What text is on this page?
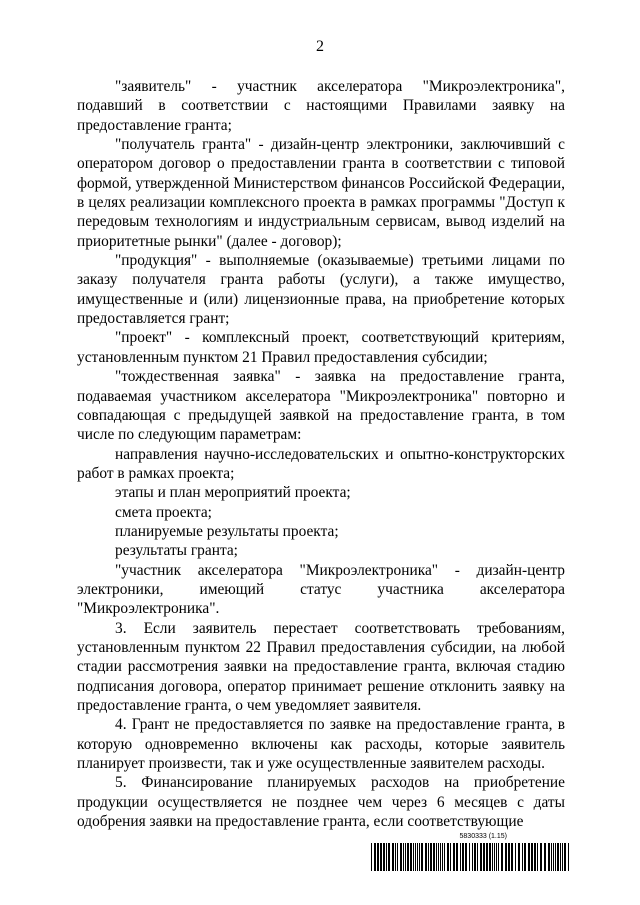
2

"заявитель" - участник акселератора "Микроэлектроника", подавший в соответствии с настоящими Правилами заявку на предоставление гранта;

"получатель гранта" - дизайн-центр электроники, заключивший с оператором договор о предоставлении гранта в соответствии с типовой формой, утвержденной Министерством финансов Российской Федерации, в целях реализации комплексного проекта в рамках программы "Доступ к передовым технологиям и индустриальным сервисам, вывод изделий на приоритетные рынки" (далее - договор);

"продукция" - выполняемые (оказываемые) третьими лицами по заказу получателя гранта работы (услуги), а также имущество, имущественные и (или) лицензионные права, на приобретение которых предоставляется грант;

"проект" - комплексный проект, соответствующий критериям, установленным пунктом 21 Правил предоставления субсидии;

"тождественная заявка" - заявка на предоставление гранта, подаваемая участником акселератора "Микроэлектроника" повторно и совпадающая с предыдущей заявкой на предоставление гранта, в том числе по следующим параметрам:

направления научно-исследовательских и опытно-конструкторских работ в рамках проекта;

этапы и план мероприятий проекта;

смета проекта;

планируемые результаты проекта;

результаты гранта;

"участник акселератора "Микроэлектроника" - дизайн-центр электроники, имеющий статус участника акселератора "Микроэлектроника".

3. Если заявитель перестает соответствовать требованиям, установленным пунктом 22 Правил предоставления субсидии, на любой стадии рассмотрения заявки на предоставление гранта, включая стадию подписания договора, оператор принимает решение отклонить заявку на предоставление гранта, о чем уведомляет заявителя.

4. Грант не предоставляется по заявке на предоставление гранта, в которую одновременно включены как расходы, которые заявитель планирует произвести, так и уже осуществленные заявителем расходы.

5. Финансирование планируемых расходов на приобретение продукции осуществляется не позднее чем через 6 месяцев с даты одобрения заявки на предоставление гранта, если соответствующие

5830333 (1.15)
